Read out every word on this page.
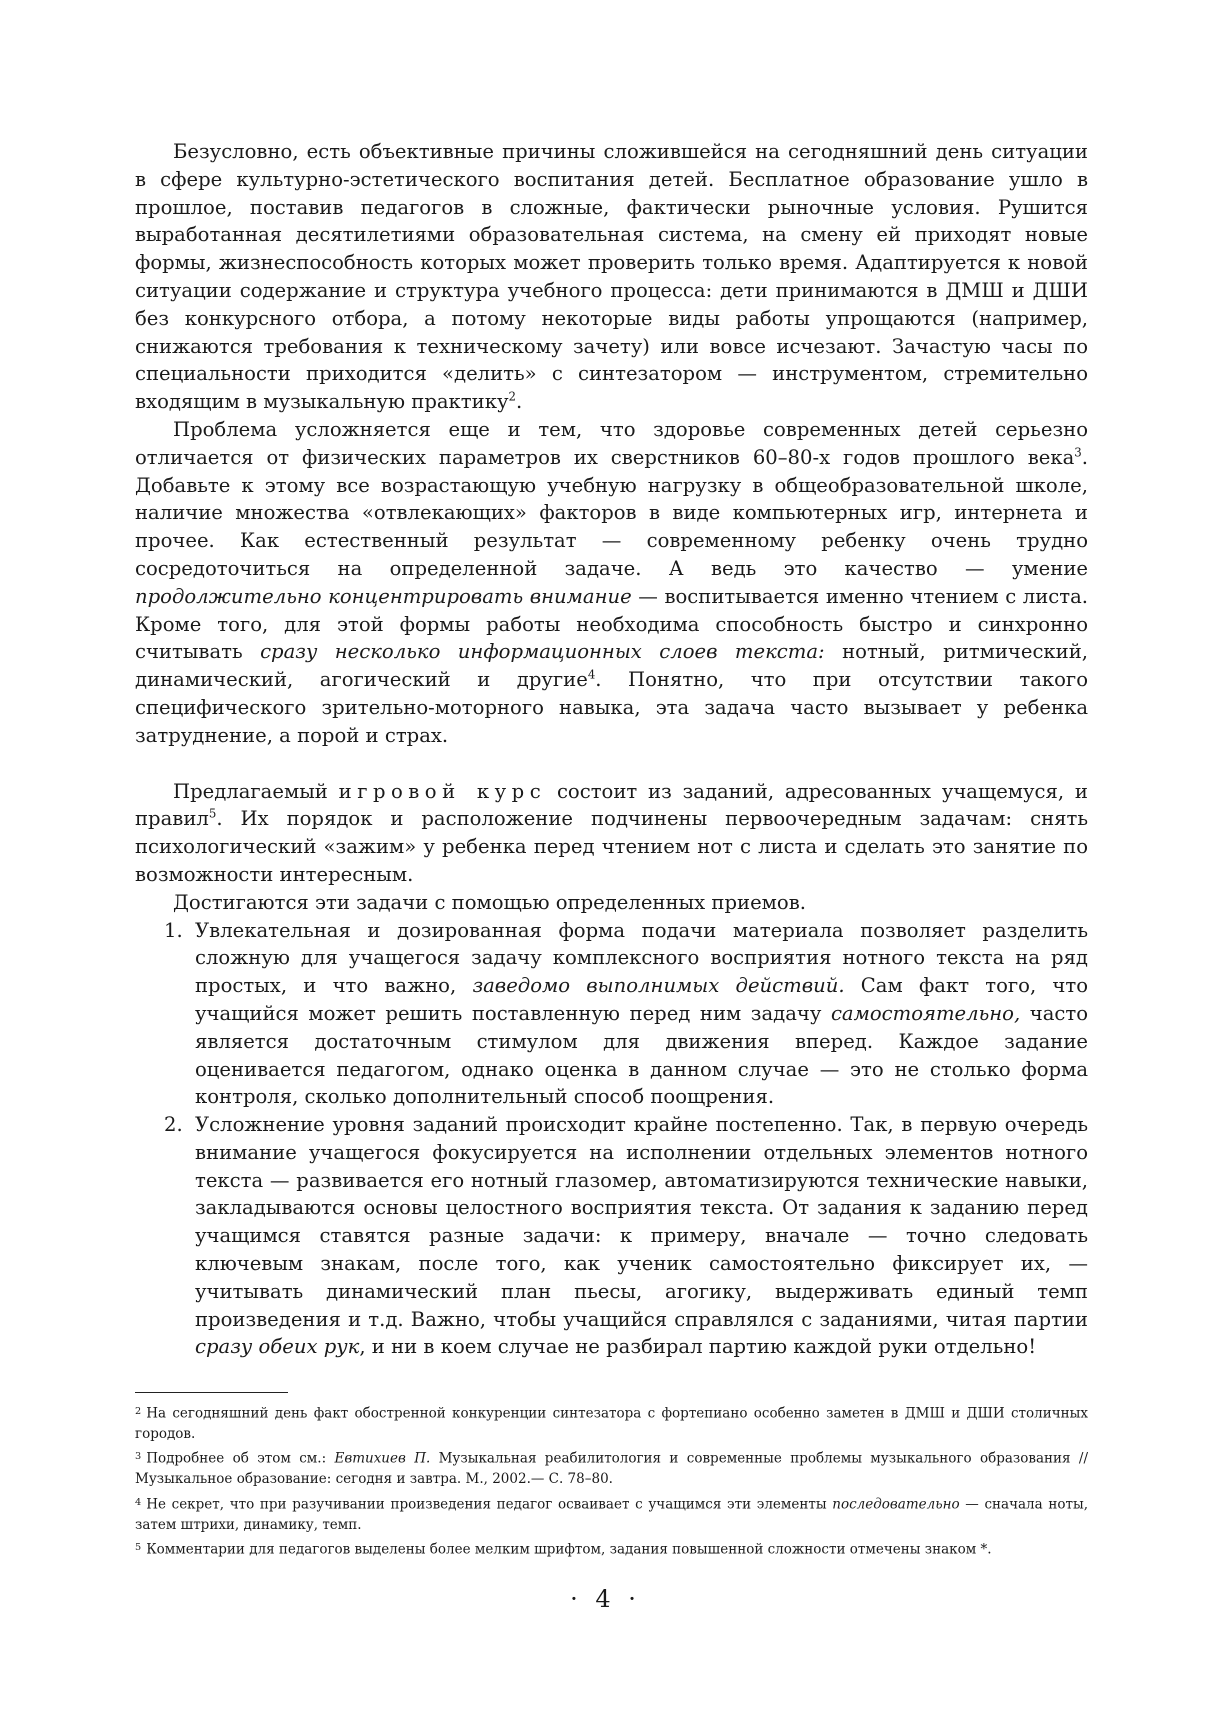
Безусловно, есть объективные причины сложившейся на сегодняшний день ситуации в сфере культурно-эстетического воспитания детей. Бесплатное образование ушло в прошлое, поставив педагогов в сложные, фактически рыночные условия. Рушится выработанная десятилетиями образовательная система, на смену ей приходят новые формы, жизнеспособность которых может проверить только время. Адаптируется к новой ситуации содержание и структура учебного процесса: дети принимаются в ДМШ и ДШИ без конкурсного отбора, а потому некоторые виды работы упрощаются (например, снижаются требования к техническому зачету) или вовсе исчезают. Зачастую часы по специальности приходится «делить» с синтезатором — инструментом, стремительно входящим в музыкальную практику$^2$.

Проблема усложняется еще и тем, что здоровье современных детей серьезно отличается от физических параметров их сверстников 60–80-х годов прошлого века$^3$. Добавьте к этому все возрастающую учебную нагрузку в общеобразовательной школе, наличие множества «отвлекающих» факторов в виде компьютерных игр, интернета и прочее. Как естественный результат — современному ребенку очень трудно сосредоточиться на определенной задаче. А ведь это качество — умение продолжительно концентрировать внимание — воспитывается именно чтением с листа. Кроме того, для этой формы работы необходима способность быстро и синхронно считывать сразу несколько информационных слоев текста: нотный, ритмический, динамический, агогический и другие$^4$. Понятно, что при отсутствии такого специфического зрительно-моторного навыка, эта задача часто вызывает у ребенка затруднение, а порой и страх.

Предлагаемый игровой курс состоит из заданий, адресованных учащемуся, и правил$^5$. Их порядок и расположение подчинены первоочередным задачам: снять психологический «зажим» у ребенка перед чтением нот с листа и сделать это занятие по возможности интересным.

Достигаются эти задачи с помощью определенных приемов.

1. Увлекательная и дозированная форма подачи материала позволяет разделить сложную для учащегося задачу комплексного восприятия нотного текста на ряд простых, и что важно, заведомо выполнимых действий. Сам факт того, что учащийся может решить поставленную перед ним задачу самостоятельно, часто является достаточным стимулом для движения вперед. Каждое задание оценивается педагогом, однако оценка в данном случае — это не столько форма контроля, сколько дополнительный способ поощрения.
2. Усложнение уровня заданий происходит крайне постепенно. Так, в первую очередь внимание учащегося фокусируется на исполнении отдельных элементов нотного текста — развивается его нотный глазомер, автоматизируются технические навыки, закладываются основы целостного восприятия текста. От задания к заданию перед учащимся ставятся разные задачи: к примеру, вначале — точно следовать ключевым знакам, после того, как ученик самостоятельно фиксирует их, — учитывать динамический план пьесы, агогику, выдерживать единый темп произведения и т.д. Важно, чтобы учащийся справлялся с заданиями, читая партии сразу обеих рук, и ни в коем случае не разбирал партию каждой руки отдельно!

$^2$ На сегодняшний день факт обостренной конкуренции синтезатора с фортепиано особенно заметен в ДМШ и ДШИ столичных городов.

$^3$ Подробнее об этом см.: Евтихиев П. Музыкальная реабилитология и современные проблемы музыкального образования //Музыкальное образование: сегодня и завтра. М., 2002.— С. 78–80.

$^4$ Не секрет, что при разучивании произведения педагог осваивает с учащимся эти элементы последовательно — сначала ноты, затем штрихи, динамику, темп.

$^5$ Комментарии для педагогов выделены более мелким шрифтом, задания повышенной сложности отмечены знаком *.

· 4 ·
